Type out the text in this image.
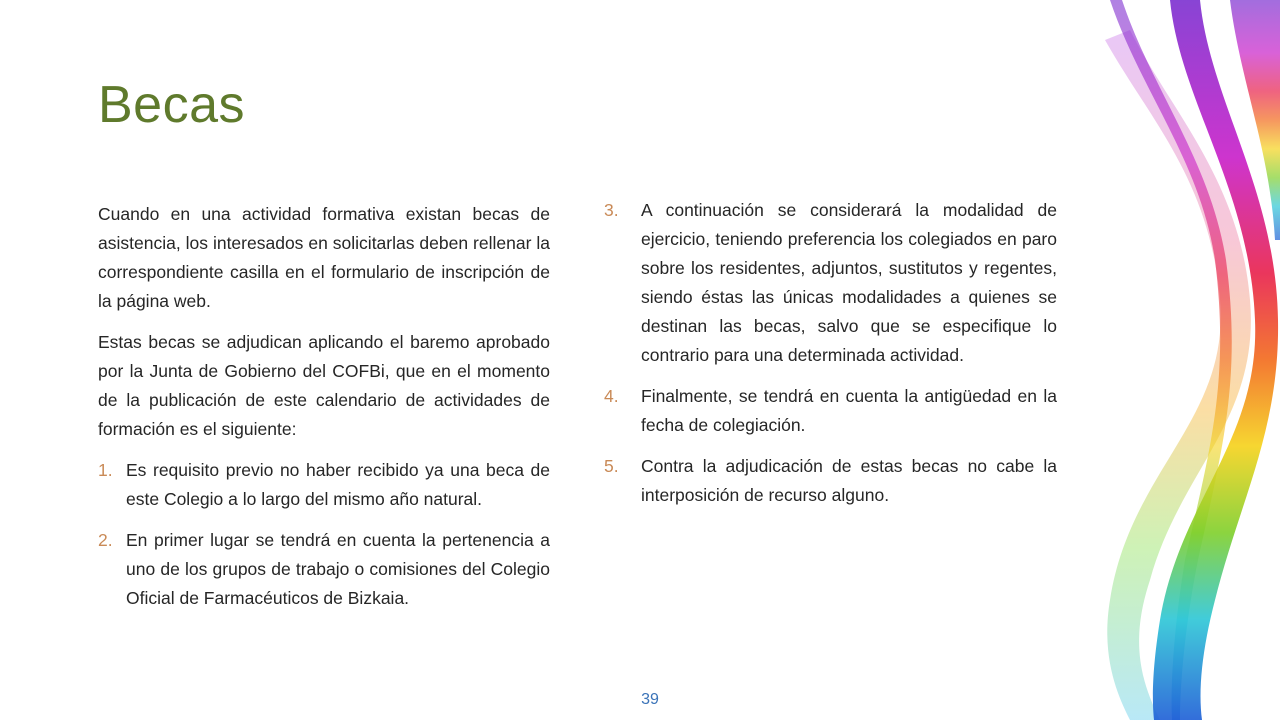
Becas

Cuando en una actividad formativa existan becas de asistencia, los interesados en solicitarlas deben rellenar la correspondiente casilla en el formulario de inscripción de la página web.

Estas becas se adjudican aplicando el baremo aprobado por la Junta de Gobierno del COFBi, que en el momento de la publicación de este calendario de actividades de formación es el siguiente:

1. Es requisito previo no haber recibido ya una beca de este Colegio a lo largo del mismo año natural.
2. En primer lugar se tendrá en cuenta la pertenencia a uno de los grupos de trabajo o comisiones del Colegio Oficial de Farmacéuticos de Bizkaia.
3. A continuación se considerará la modalidad de ejercicio, teniendo preferencia los colegiados en paro sobre los residentes, adjuntos, sustitutos y regentes, siendo éstas las únicas modalidades a quienes se destinan las becas, salvo que se especifique lo contrario para una determinada actividad.
4. Finalmente, se tendrá en cuenta la antigüedad en la fecha de colegiación.
5. Contra la adjudicación de estas becas no cabe la interposición de recurso alguno.
39
